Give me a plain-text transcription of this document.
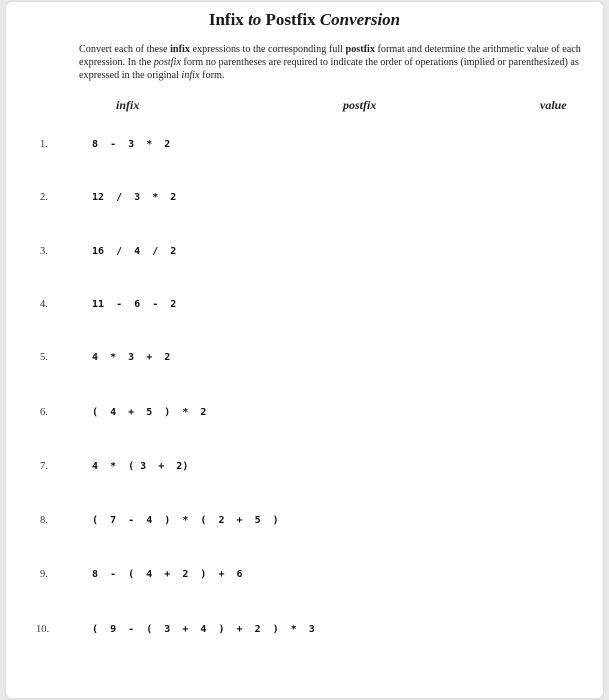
Infix to Postfix Conversion
Convert each of these infix expressions to the corresponding full postfix format and determine the arithmetic value of each expression. In the postfix form no parentheses are required to indicate the order of operations (implied or parenthesized) as expressed in the original infix form.
infix	postfix	value
1.	8  -  3  *  2
2.	12  /  3  *  2
3.	16  /  4  /  2
4.	11  -  6  -  2
5.	4  *  3  +  2
6.	(  4  +  5  )  *  2
7.	4  *  ( 3  +  2)
8.	(  7  -  4  )  *  (  2  +  5  )
9.	8  -  (  4  +  2  )  +  6
10.	(  9  -  (  3  +  4  )  +  2  )  *  3
